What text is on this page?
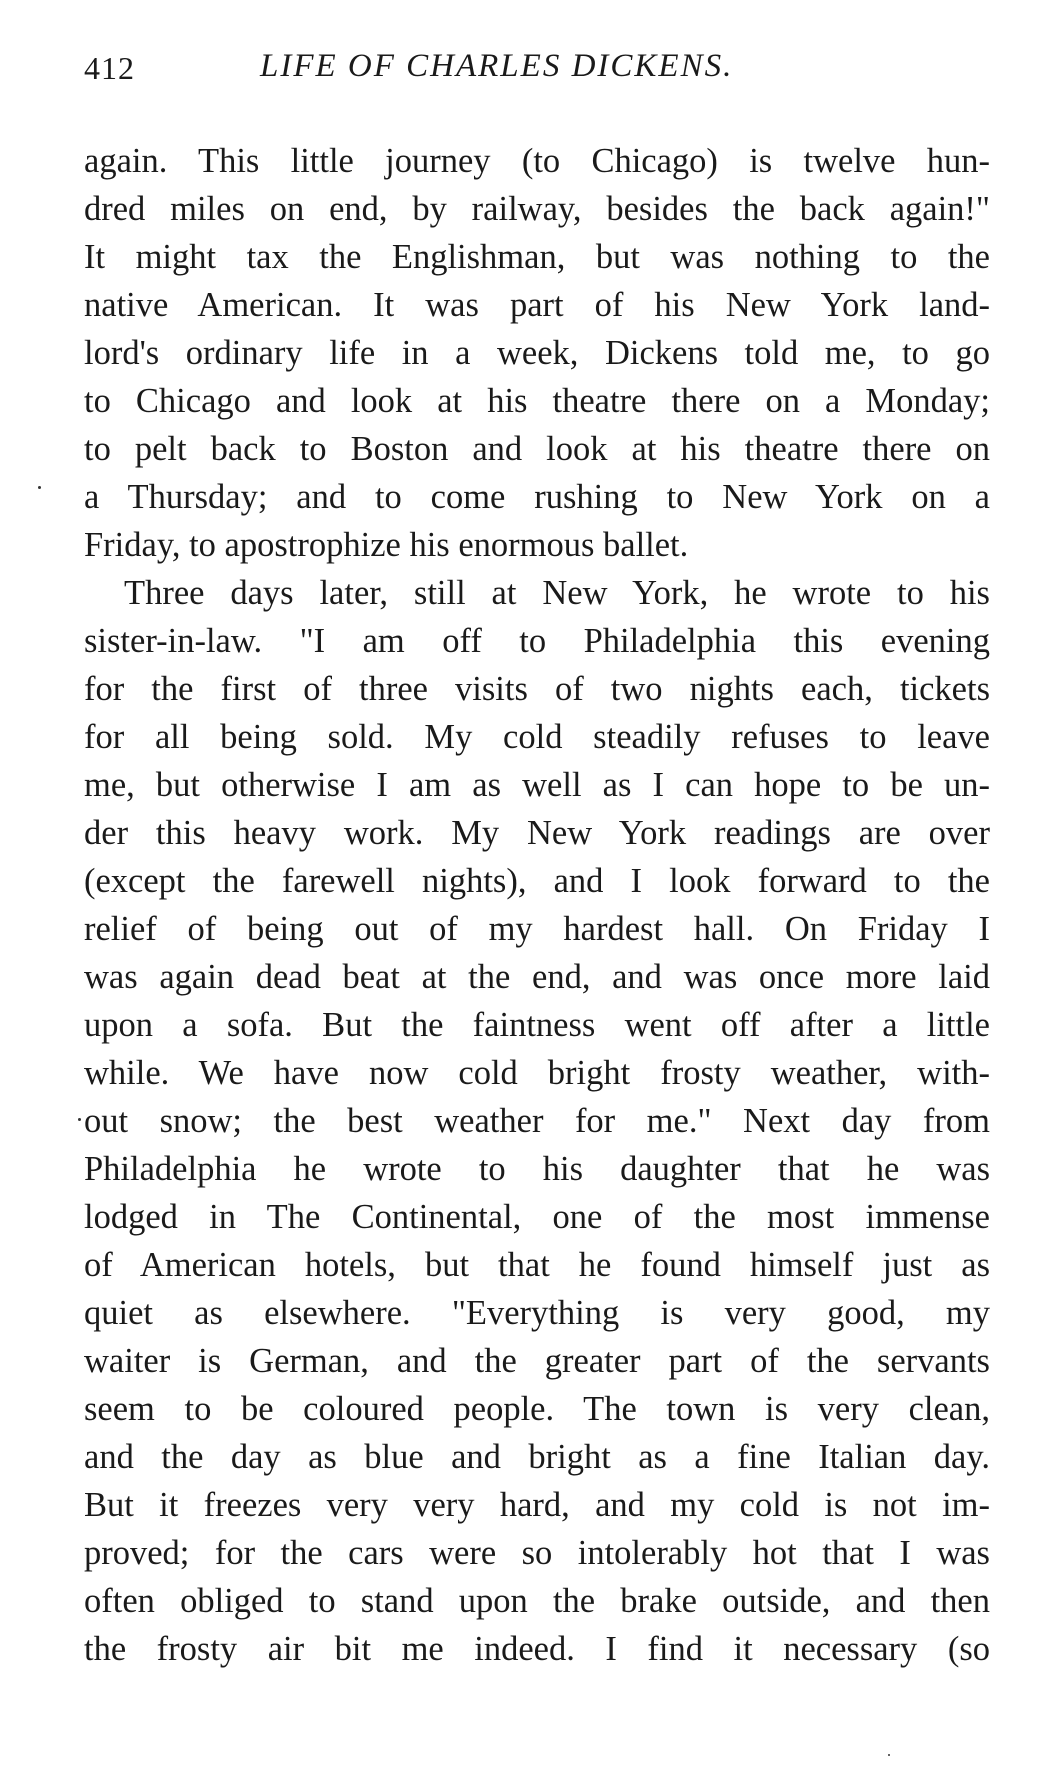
412	LIFE OF CHARLES DICKENS.
again. This little journey (to Chicago) is twelve hun-
dred miles on end, by railway, besides the back again!"
It might tax the Englishman, but was nothing to the
native American. It was part of his New York land-
lord's ordinary life in a week, Dickens told me, to go
to Chicago and look at his theatre there on a Monday;
to pelt back to Boston and look at his theatre there on
a Thursday; and to come rushing to New York on a
Friday, to apostrophize his enormous ballet.
Three days later, still at New York, he wrote to his
sister-in-law. "I am off to Philadelphia this evening
for the first of three visits of two nights each, tickets
for all being sold. My cold steadily refuses to leave
me, but otherwise I am as well as I can hope to be un-
der this heavy work. My New York readings are over
(except the farewell nights), and I look forward to the
relief of being out of my hardest hall. On Friday I
was again dead beat at the end, and was once more laid
upon a sofa. But the faintness went off after a little
while. We have now cold bright frosty weather, with-
out snow; the best weather for me." Next day from
Philadelphia he wrote to his daughter that he was
lodged in The Continental, one of the most immense
of American hotels, but that he found himself just as
quiet as elsewhere. "Everything is very good, my
waiter is German, and the greater part of the servants
seem to be coloured people. The town is very clean,
and the day as blue and bright as a fine Italian day.
But it freezes very very hard, and my cold is not im-
proved; for the cars were so intolerably hot that I was
often obliged to stand upon the brake outside, and then
the frosty air bit me indeed. I find it necessary (so
